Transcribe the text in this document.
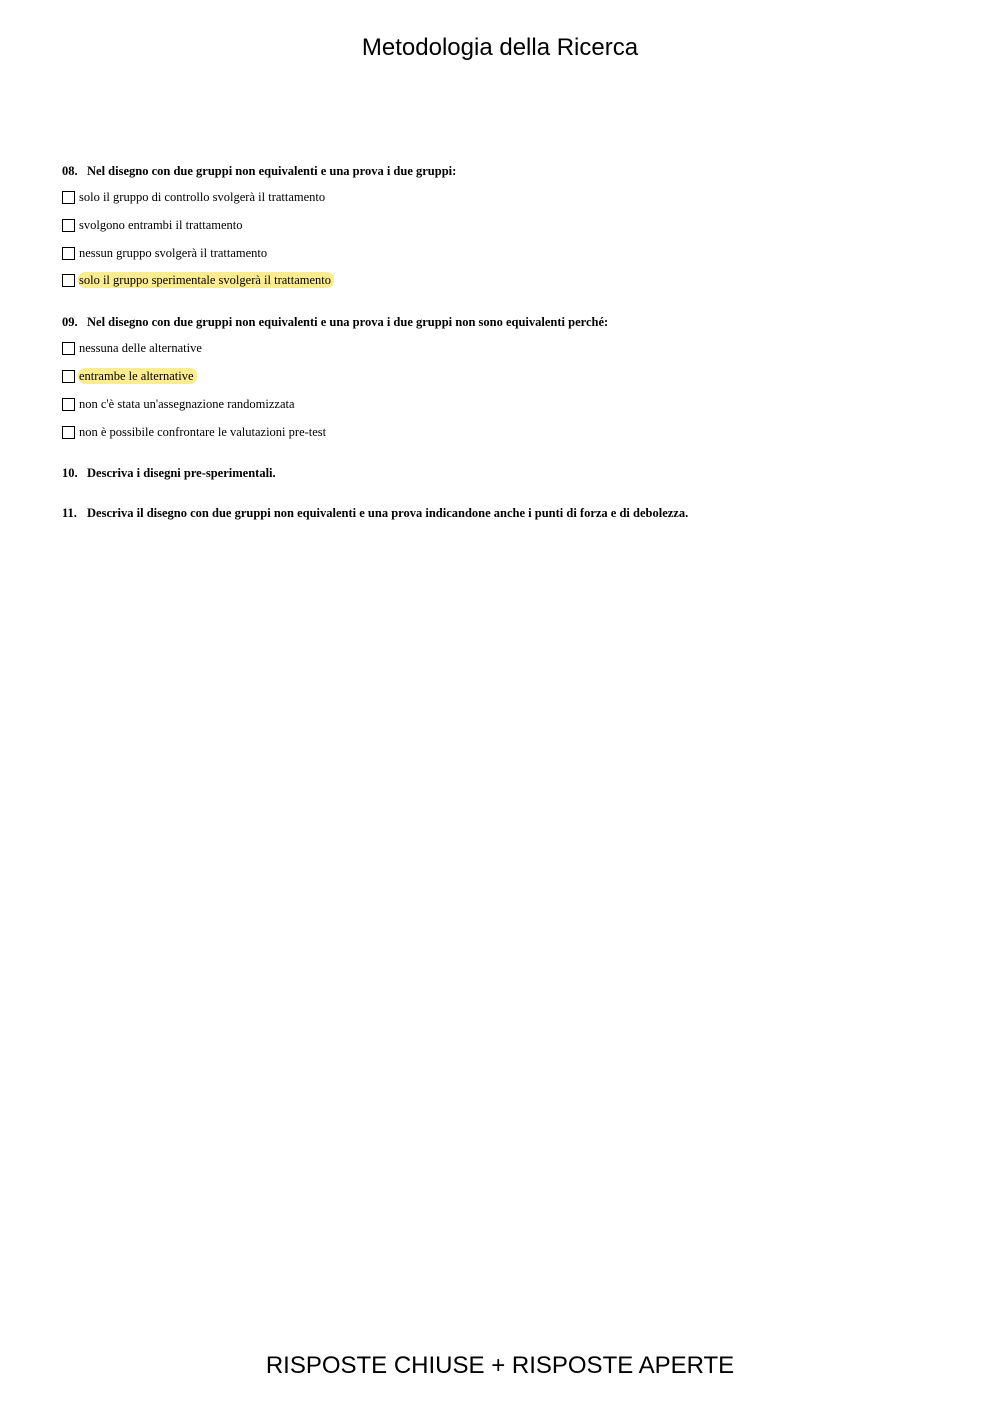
Metodologia della Ricerca
08. Nel disegno con due gruppi non equivalenti e una prova i due gruppi:
solo il gruppo di controllo svolgerà il trattamento
svolgono entrambi il trattamento
nessun gruppo svolgerà il trattamento
solo il gruppo sperimentale svolgerà il trattamento
09. Nel disegno con due gruppi non equivalenti e una prova i due gruppi non sono equivalenti perché:
nessuna delle alternative
entrambe le alternative
non c'è stata un'assegnazione randomizzata
non è possibile confrontare le valutazioni pre-test
10. Descriva i disegni pre-sperimentali.
11. Descriva il disegno con due gruppi non equivalenti e una prova indicandone anche i punti di forza e di debolezza.
RISPOSTE CHIUSE + RISPOSTE APERTE
